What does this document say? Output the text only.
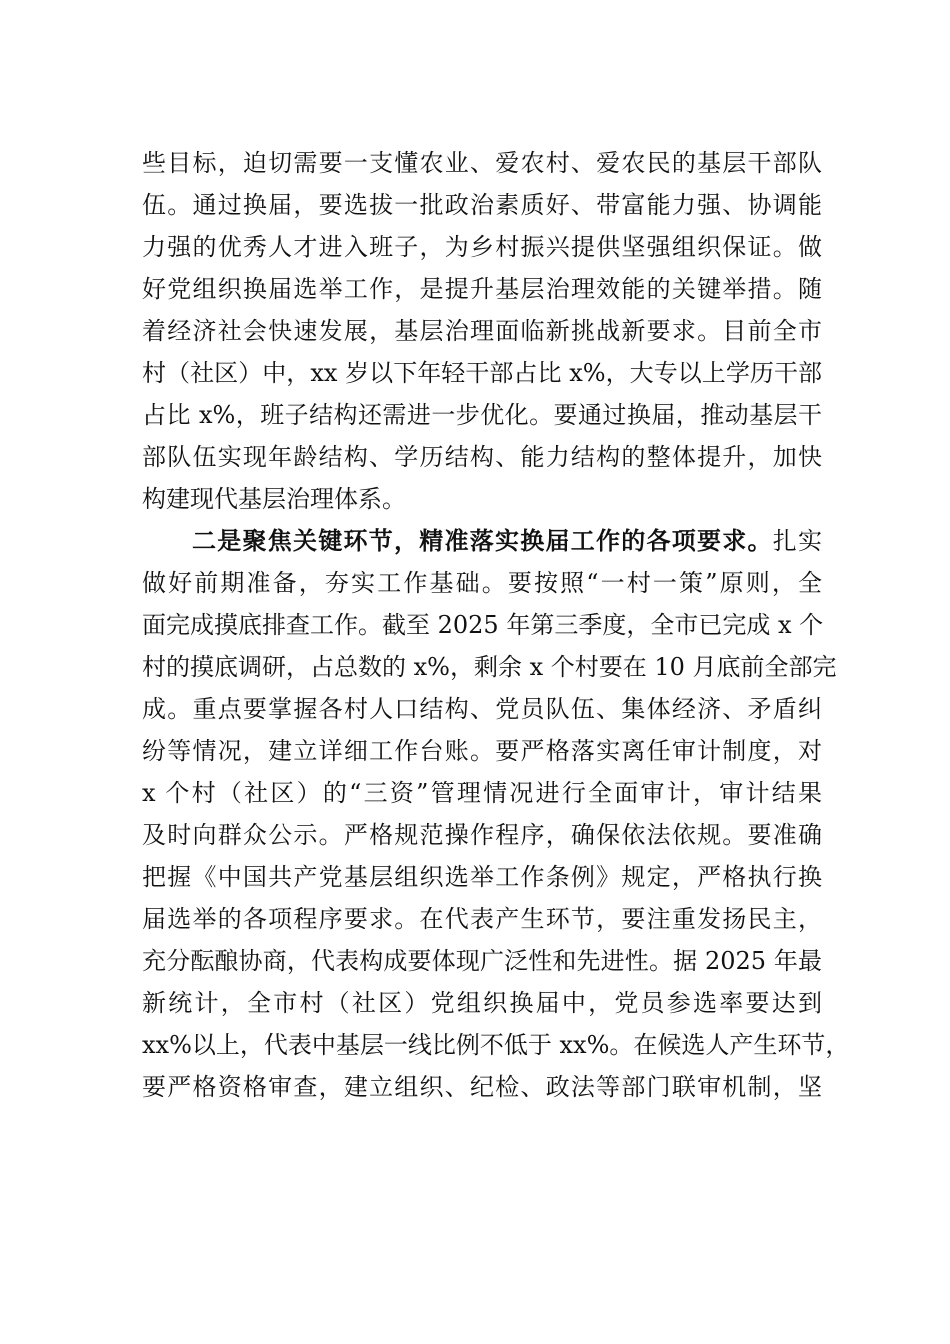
些目标，迫切需要一支懂农业、爱农村、爱农民的基层干部队
伍。通过换届，要选拔一批政治素质好、带富能力强、协调能
力强的优秀人才进入班子，为乡村振兴提供坚强组织保证。做
好党组织换届选举工作，是提升基层治理效能的关键举措。随
着经济社会快速发展，基层治理面临新挑战新要求。目前全市
村（社区）中，xx 岁以下年轻干部占比 x%，大专以上学历干部
占比 x%，班子结构还需进一步优化。要通过换届，推动基层干
部队伍实现年龄结构、学历结构、能力结构的整体提升，加快
构建现代基层治理体系。
二是聚焦关键环节，精准落实换届工作的各项要求。扎实
做好前期准备，夯实工作基础。要按照“一村一策”原则，全
面完成摸底排查工作。截至 2025 年第三季度，全市已完成 x 个
村的摸底调研，占总数的 x%，剩余 x 个村要在 10 月底前全部完
成。重点要掌握各村人口结构、党员队伍、集体经济、矛盾纠
纷等情况，建立详细工作台账。要严格落实离任审计制度，对
x 个村（社区）的“三资”管理情况进行全面审计，审计结果
及时向群众公示。严格规范操作程序，确保依法依规。要准确
把握《中国共产党基层组织选举工作条例》规定，严格执行换
届选举的各项程序要求。在代表产生环节，要注重发扬民主，
充分酝酿协商，代表构成要体现广泛性和先进性。据 2025 年最
新统计，全市村（社区）党组织换届中，党员参选率要达到
xx%以上，代表中基层一线比例不低于 xx%。在候选人产生环节，
要严格资格审查，建立组织、纪检、政法等部门联审机制，坚
